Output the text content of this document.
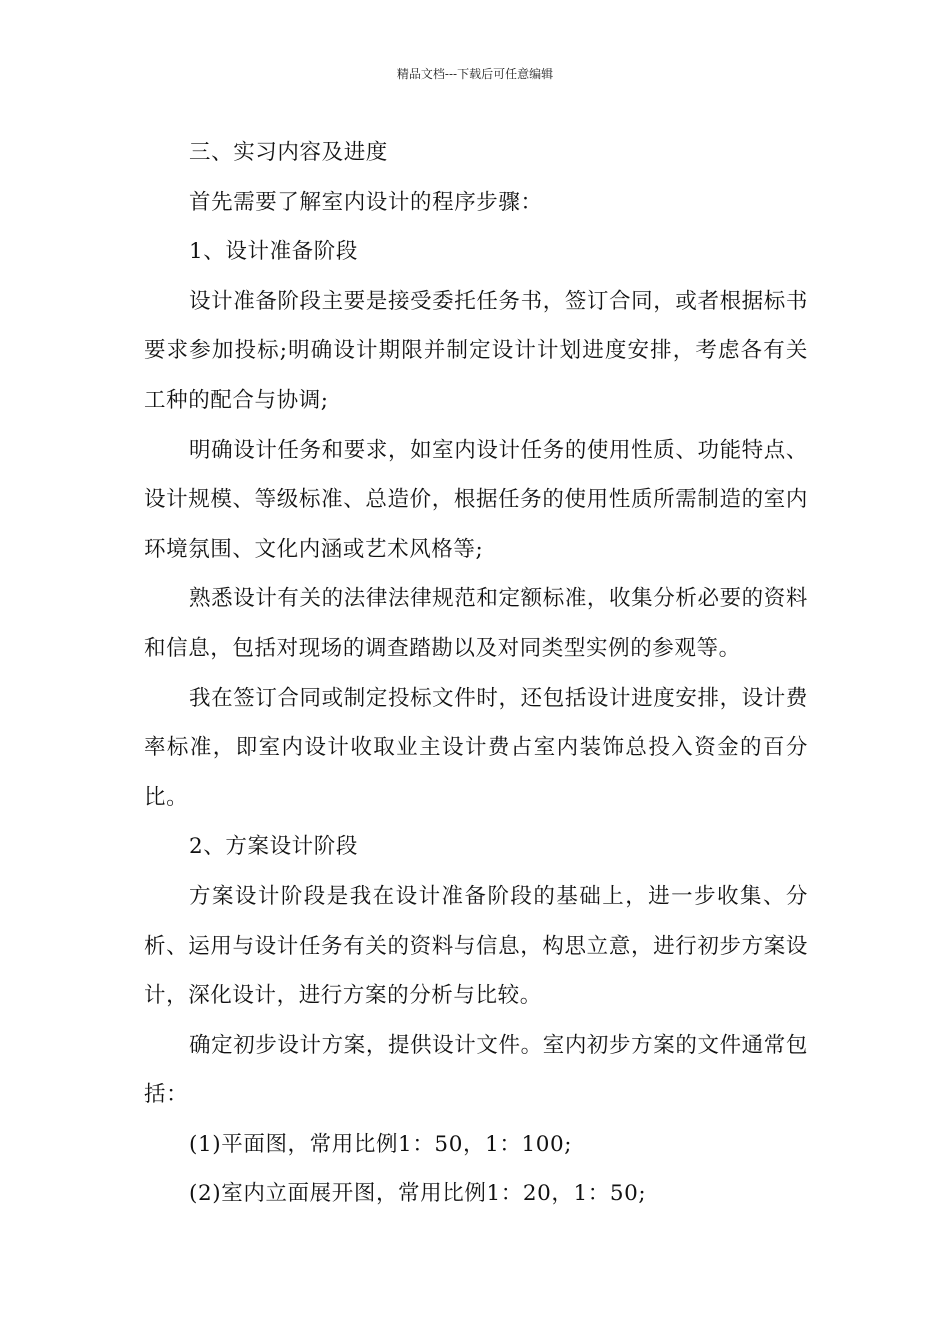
精品文档---下载后可任意编辑

三、实习内容及进度

首先需要了解室内设计的程序步骤：

1、设计准备阶段

设计准备阶段主要是接受委托任务书，签订合同，或者根据标书要求参加投标;明确设计期限并制定设计计划进度安排，考虑各有关工种的配合与协调;

明确设计任务和要求，如室内设计任务的使用性质、功能特点、设计规模、等级标准、总造价，根据任务的使用性质所需制造的室内环境氛围、文化内涵或艺术风格等;

熟悉设计有关的法律法律规范和定额标准，收集分析必要的资料和信息，包括对现场的调查踏勘以及对同类型实例的参观等。

我在签订合同或制定投标文件时，还包括设计进度安排，设计费率标准，即室内设计收取业主设计费占室内装饰总投入资金的百分比。

2、方案设计阶段

方案设计阶段是我在设计准备阶段的基础上，进一步收集、分析、运用与设计任务有关的资料与信息，构思立意，进行初步方案设计，深化设计，进行方案的分析与比较。

确定初步设计方案，提供设计文件。室内初步方案的文件通常包括：

(1)平面图，常用比例1：50，1：100;

(2)室内立面展开图，常用比例1：20，1：50;
